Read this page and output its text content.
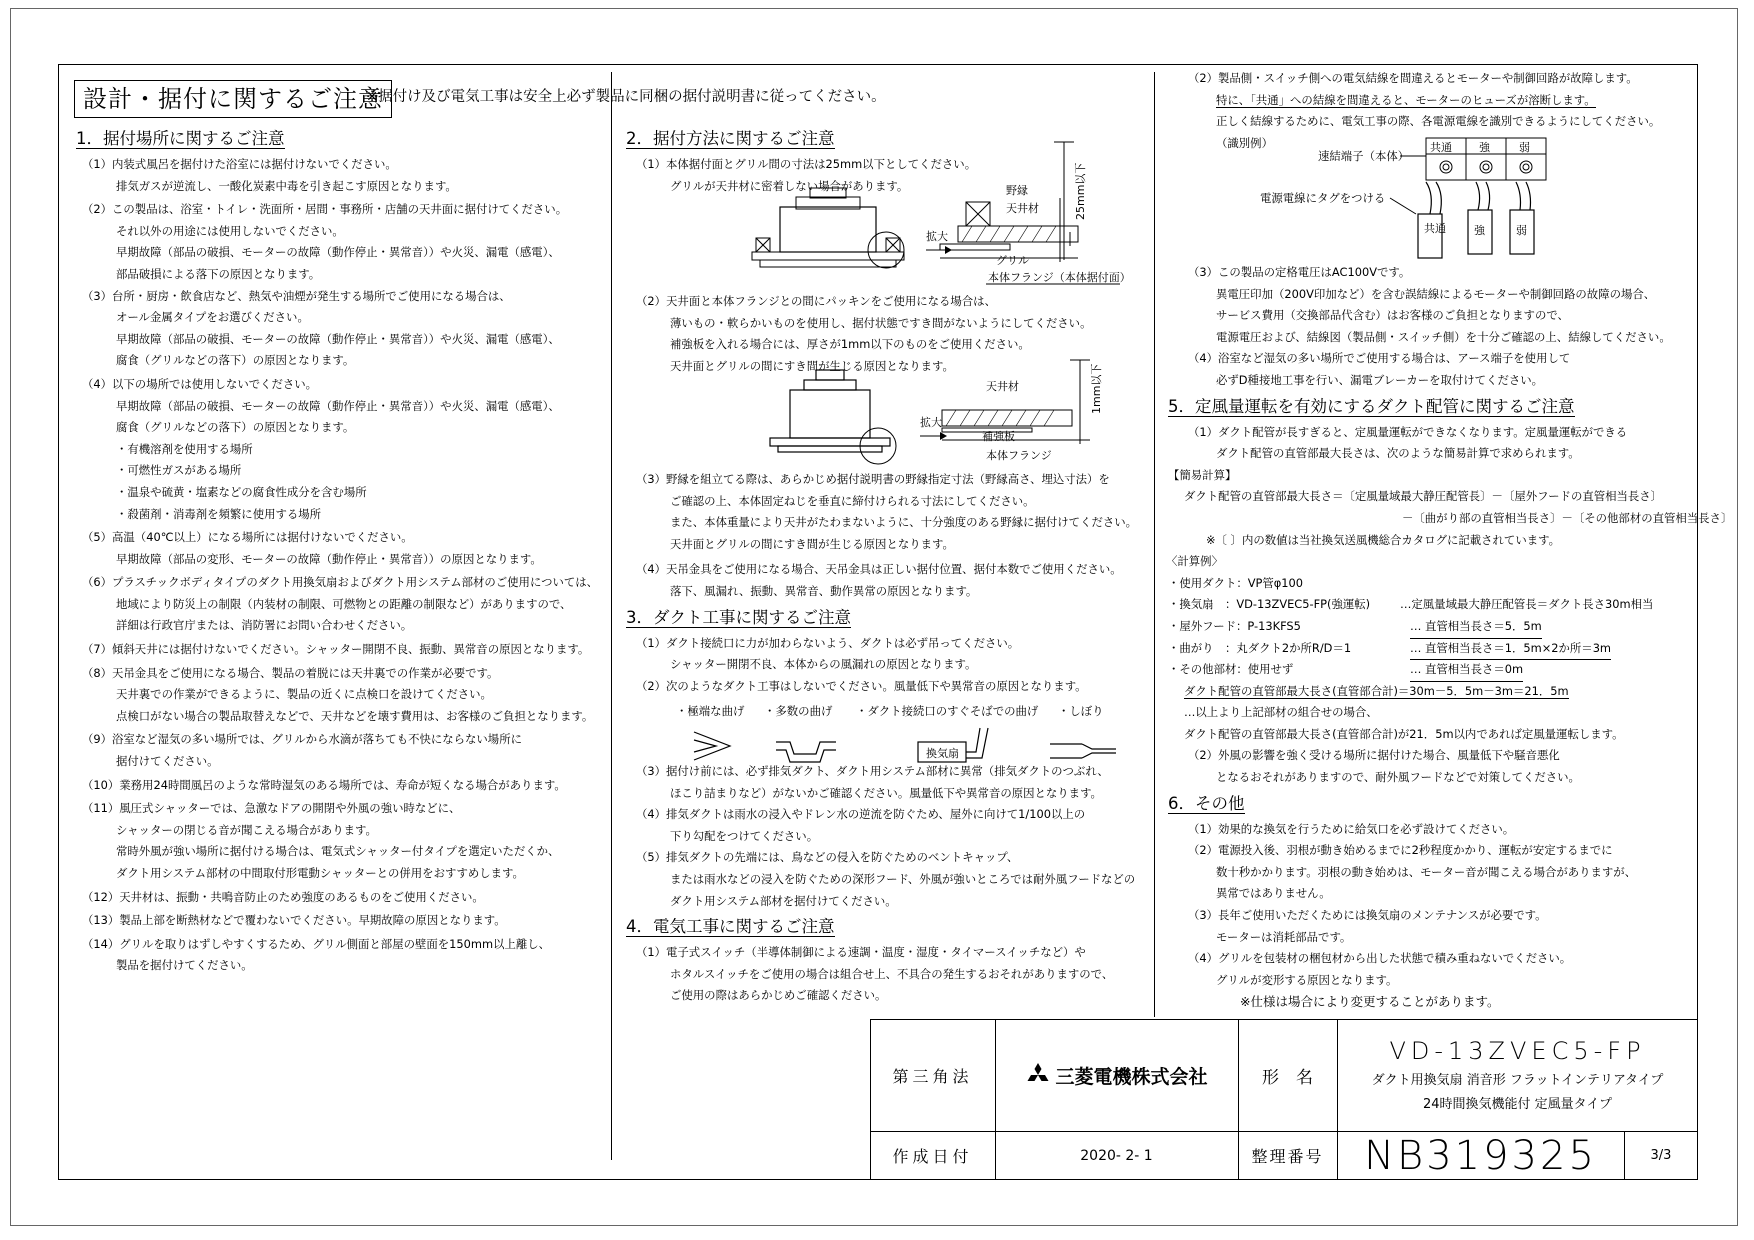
設計・据付に関するご注意
※据付け及び電気工事は安全上必ず製品に同梱の据付説明書に従ってください。

1．据付場所に関するご注意

（1）内装式風呂を据付けた浴室には据付けないでください。

排気ガスが逆流し、一酸化炭素中毒を引き起こす原因となります。

（2）この製品は、浴室・トイレ・洗面所・居間・事務所・店舗の天井面に据付けてください。

それ以外の用途には使用しないでください。

早期故障（部品の破損、モーターの故障（動作停止・異常音））や火災、漏電（感電）、

部品破損による落下の原因となります。

（3）台所・厨房・飲食店など、熱気や油煙が発生する場所でご使用になる場合は、

オール金属タイプをお選びください。

早期故障（部品の破損、モーターの故障（動作停止・異常音））や火災、漏電（感電）、

腐食（グリルなどの落下）の原因となります。

（4）以下の場所では使用しないでください。

早期故障（部品の破損、モーターの故障（動作停止・異常音））や火災、漏電（感電）、

腐食（グリルなどの落下）の原因となります。

・有機溶剤を使用する場所

・可燃性ガスがある場所

・温泉や硫黄・塩素などの腐食性成分を含む場所

・殺菌剤・消毒剤を頻繁に使用する場所

（5）高温（40℃以上）になる場所には据付けないでください。

早期故障（部品の変形、モーターの故障（動作停止・異常音））の原因となります。

（6）プラスチックボディタイプのダクト用換気扇およびダクト用システム部材のご使用については、

地域により防災上の制限（内装材の制限、可燃物との距離の制限など）がありますので、

詳細は行政官庁または、消防署にお問い合わせください。

（7）傾斜天井には据付けないでください。シャッター開閉不良、振動、異常音の原因となります。

（8）天吊金具をご使用になる場合、製品の着脱には天井裏での作業が必要です。

天井裏での作業ができるように、製品の近くに点検口を設けてください。

点検口がない場合の製品取替えなどで、天井などを壊す費用は、お客様のご負担となります。

（9）浴室など湿気の多い場所では、グリルから水滴が落ちても不快にならない場所に

据付けてください。

（10）業務用24時間風呂のような常時湿気のある場所では、寿命が短くなる場合があります。

（11）風圧式シャッターでは、急激なドアの開閉や外風の強い時などに、

シャッターの閉じる音が聞こえる場合があります。

常時外風が強い場所に据付ける場合は、電気式シャッター付タイプを選定いただくか、

ダクト用システム部材の中間取付形電動シャッターとの併用をおすすめします。

（12）天井材は、振動・共鳴音防止のため強度のあるものをご使用ください。

（13）製品上部を断熱材などで覆わないでください。早期故障の原因となります。

（14）グリルを取りはずしやすくするため、グリル側面と部屋の壁面を150mm以上離し、

製品を据付けてください。

2．据付方法に関するご注意

（1）本体据付面とグリル間の寸法は25mm以下としてください。

グリルが天井材に密着しない場合があります。

拡大
野縁
天井材
グリル
本体フランジ（本体据付面）
25mm以下

（2）天井面と本体フランジとの間にパッキンをご使用になる場合は、

薄いもの・軟らかいものを使用し、据付状態ですき間がないようにしてください。

補強板を入れる場合には、厚さが1mm以下のものをご使用ください。

天井面とグリルの間にすき間が生じる原因となります。

拡大
天井材
補強板
本体フランジ
1mm以下

（3）野縁を組立てる際は、あらかじめ据付説明書の野縁指定寸法（野縁高さ、埋込寸法）を

ご確認の上、本体固定ねじを垂直に締付けられる寸法にしてください。

また、本体重量により天井がたわまないように、十分強度のある野縁に据付けてください。

天井面とグリルの間にすき間が生じる原因となります。

（4）天吊金具をご使用になる場合、天吊金具は正しい据付位置、据付本数でご使用ください。

落下、風漏れ、振動、異常音、動作異常の原因となります。

3．ダクト工事に関するご注意

（1）ダクト接続口に力が加わらないよう、ダクトは必ず吊ってください。

シャッター開閉不良、本体からの風漏れの原因となります。

（2）次のようなダクト工事はしないでください。風量低下や異常音の原因となります。

・極端な曲げ ・多数の曲げ ・ダクト接続口のすぐそばでの曲げ ・しぼり
換気扇

（3）据付け前には、必ず排気ダクト、ダクト用システム部材に異常（排気ダクトのつぶれ、

ほこり詰まりなど）がないかご確認ください。風量低下や異常音の原因となります。

（4）排気ダクトは雨水の浸入やドレン水の逆流を防ぐため、屋外に向けて1/100以上の

下り勾配をつけてください。

（5）排気ダクトの先端には、鳥などの侵入を防ぐためのベントキャップ、

または雨水などの浸入を防ぐための深形フード、外風が強いところでは耐外風フードなどの

ダクト用システム部材を据付けてください。

4．電気工事に関するご注意

（1）電子式スイッチ（半導体制御による速調・温度・湿度・タイマースイッチなど）や

ホタルスイッチをご使用の場合は組合せ上、不具合の発生するおそれがありますので、

ご使用の際はあらかじめご確認ください。

（2）製品側・スイッチ側への電気結線を間違えるとモーターや制御回路が故障します。

特に、「共通」への結線を間違えると、モーターのヒューズが溶断します。

正しく結線するために、電気工事の際、各電源電線を識別できるようにしてください。

（識別例）

速結端子（本体）
共通 強	弱
電源電線にタグをつける
共通	強	弱

（3）この製品の定格電圧はAC100Vです。

異電圧印加（200V印加など）を含む誤結線によるモーターや制御回路の故障の場合、

サービス費用（交換部品代含む）はお客様のご負担となりますので、

電源電圧および、結線図（製品側・スイッチ側）を十分ご確認の上、結線してください。

（4）浴室など湿気の多い場所でご使用する場合は、アース端子を使用して

必ずD種接地工事を行い、漏電ブレーカーを取付けてください。

5．定風量運転を有効にするダクト配管に関するご注意

（1）ダクト配管が長すぎると、定風量運転ができなくなります。定風量運転ができる

ダクト配管の直管部最大長さは、次のような簡易計算で求められます。

【簡易計算】

ダクト配管の直管部最大長さ＝〔定風量域最大静圧配管長〕－〔屋外フードの直管相当長さ〕

－〔曲がり部の直管相当長さ〕－〔その他部材の直管相当長さ〕

※〔 〕内の数値は当社換気送風機総合カタログに記載されています。

〈計算例〉

・使用ダクト：VP管φ100

・換気扇　：VD-13ZVEC5-FP(強運転)	…定風量域最大静圧配管長＝ダクト長さ30m相当

・屋外フード：P-13KFS5	… 直管相当長さ＝5．5m

・曲がり　：丸ダクト2か所R/D＝1	… 直管相当長さ＝1．5m×2か所＝3m

・その他部材：使用せず	… 直管相当長さ＝0m

ダクト配管の直管部最大長さ(直管部合計)＝30m－5．5m－3m＝21．5m

…以上より上記部材の組合せの場合、

ダクト配管の直管部最大長さ(直管部合計)が21．5m以内であれば定風量運転します。

（2）外風の影響を強く受ける場所に据付けた場合、風量低下や騒音悪化

となるおそれがありますので、耐外風フードなどで対策してください。

6．その他

（1）効果的な換気を行うために給気口を必ず設けてください。

（2）電源投入後、羽根が動き始めるまでに2秒程度かかり、運転が安定するまでに

数十秒かかります。羽根の動き始めは、モーター音が聞こえる場合がありますが、

異常ではありません。

（3）長年ご使用いただくためには換気扇のメンテナンスが必要です。

モーターは消耗部品です。

（4）グリルを包装材の梱包材から出した状態で積み重ねないでください。

グリルが変形する原因となります。

※仕様は場合により変更することがあります。

第三角法	三菱電機株式会社	形　名
VD-13ZVEC5-FP
ダクト用換気扇 消音形 フラットインテリアタイプ
24時間換気機能付 定風量タイプ
作成日付	2020- 2- 1	整理番号	NB319325	3/3
